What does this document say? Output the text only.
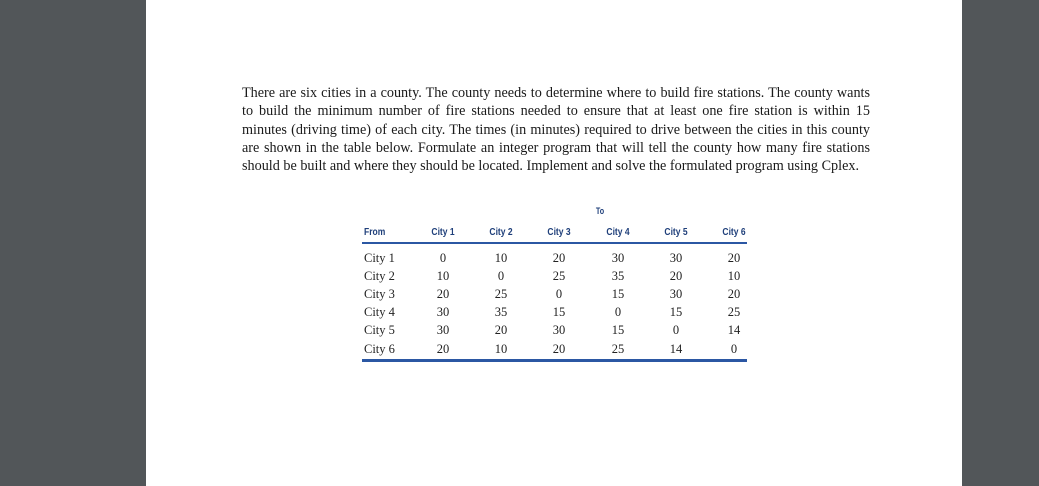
There are six cities in a county. The county needs to determine where to build fire stations. The county wants to build the minimum number of fire stations needed to ensure that at least one fire station is within 15 minutes (driving time) of each city. The times (in minutes) required to drive between the cities in this county are shown in the table below. Formulate an integer program that will tell the county how many fire stations should be built and where they should be located. Implement and solve the formulated program using Cplex.

To
From	City 1	City 2	City 3	City 4	City 5	City 6
City 1	0	10	20	30	30	20
City 2	10	0	25	35	20	10
City 3	20	25	0	15	30	20
City 4	30	35	15	0	15	25
City 5	30	20	30	15	0	14
City 6	20	10	20	25	14	0
